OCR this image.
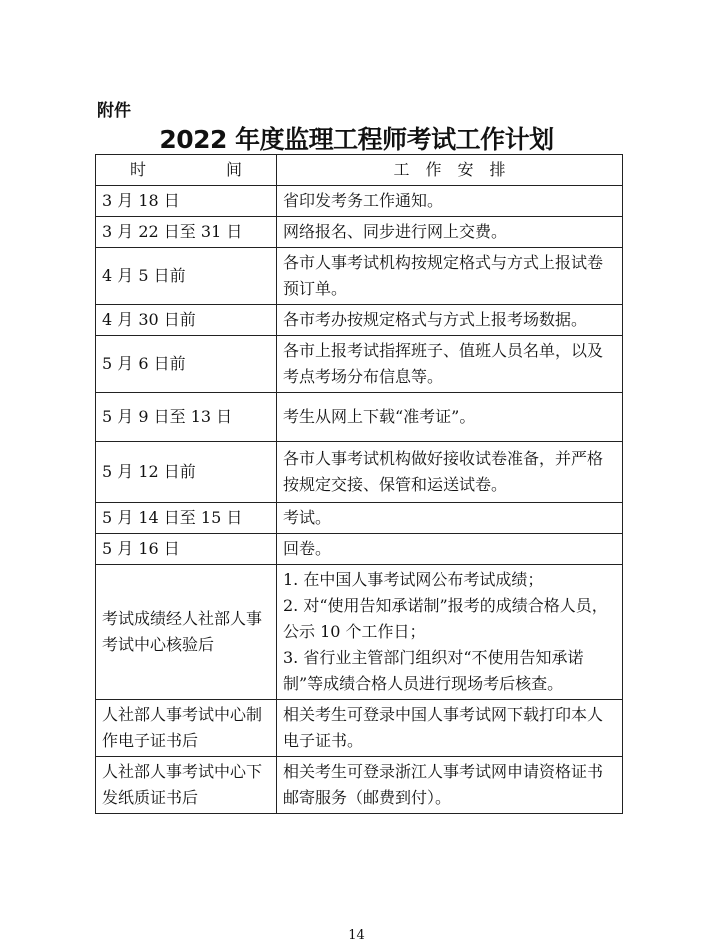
附件
2022 年度监理工程师考试工作计划
时　　　　　间	工　作　安　排
3 月 18 日	省印发考务工作通知。
3 月 22 日至 31 日	网络报名、同步进行网上交费。
4 月 5 日前	各市人事考试机构按规定格式与方式上报试卷预订单。
4 月 30 日前	各市考办按规定格式与方式上报考场数据。
5 月 6 日前	各市上报考试指挥班子、值班人员名单，以及考点考场分布信息等。
5 月 9 日至 13 日	考生从网上下载“准考证”。
5 月 12 日前	各市人事考试机构做好接收试卷准备，并严格按规定交接、保管和运送试卷。
5 月 14 日至 15 日	考试。
5 月 16 日	回卷。
考试成绩经人社部人事考试中心核验后	1. 在中国人事考试网公布考试成绩；
2. 对“使用告知承诺制”报考的成绩合格人员，公示 10 个工作日；
3. 省行业主管部门组织对“不使用告知承诺制”等成绩合格人员进行现场考后核查。

人社部人事考试中心制作电子证书后	相关考生可登录中国人事考试网下载打印本人电子证书。
人社部人事考试中心下发纸质证书后	相关考生可登录浙江人事考试网申请资格证书邮寄服务（邮费到付）。
14
